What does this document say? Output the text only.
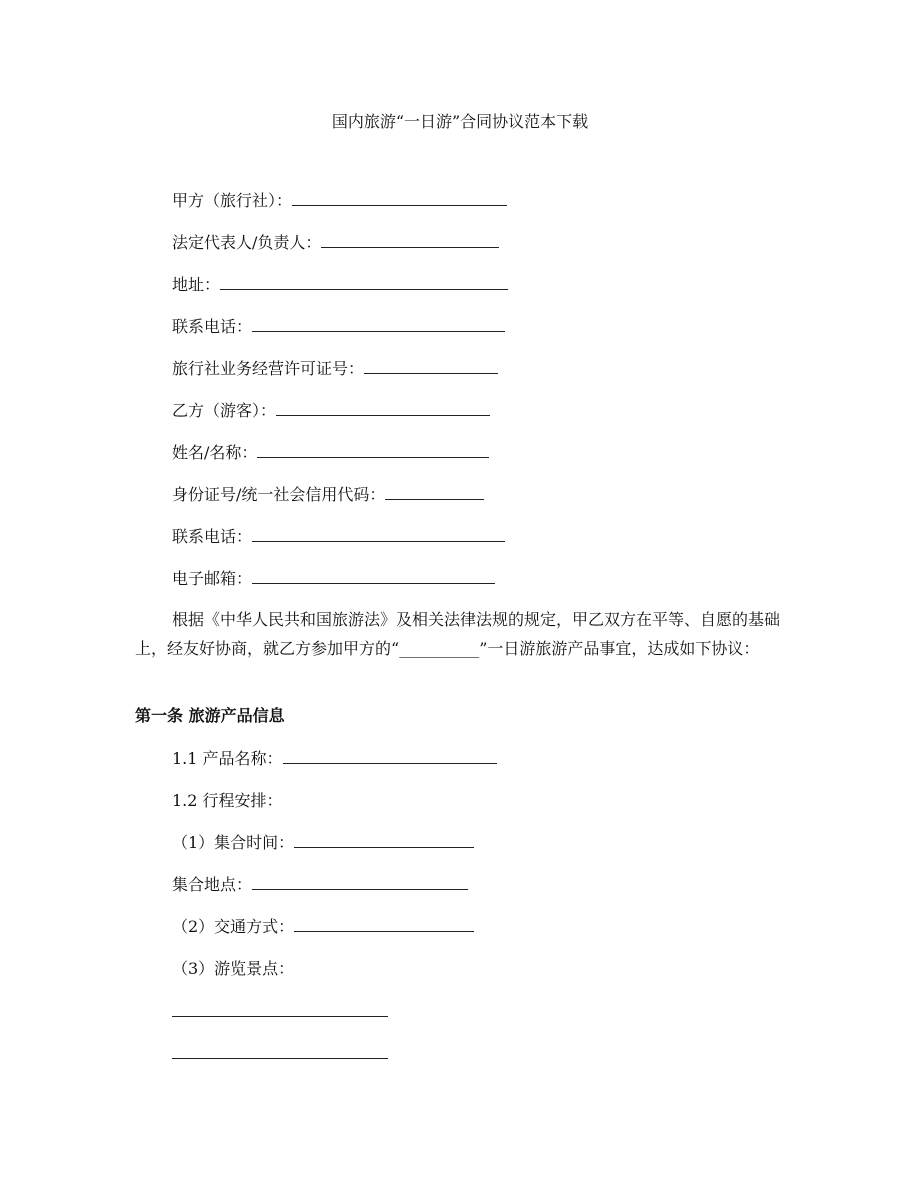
国内旅游“一日游”合同协议范本下载
甲方（旅行社）：
法定代表人/负责人：
地址：
联系电话：
旅行社业务经营许可证号：
乙方（游客）：
姓名/名称：
身份证号/统一社会信用代码：
联系电话：
电子邮箱：
根据《中华人民共和国旅游法》及相关法律法规的规定，甲乙双方在平等、自愿的基础上，经友好协商，就乙方参加甲方的“__________”一日游旅游产品事宜，达成如下协议：
第一条 旅游产品信息
1.1 产品名称：
1.2 行程安排：
（1）集合时间：
集合地点：
（2）交通方式：
（3）游览景点：
